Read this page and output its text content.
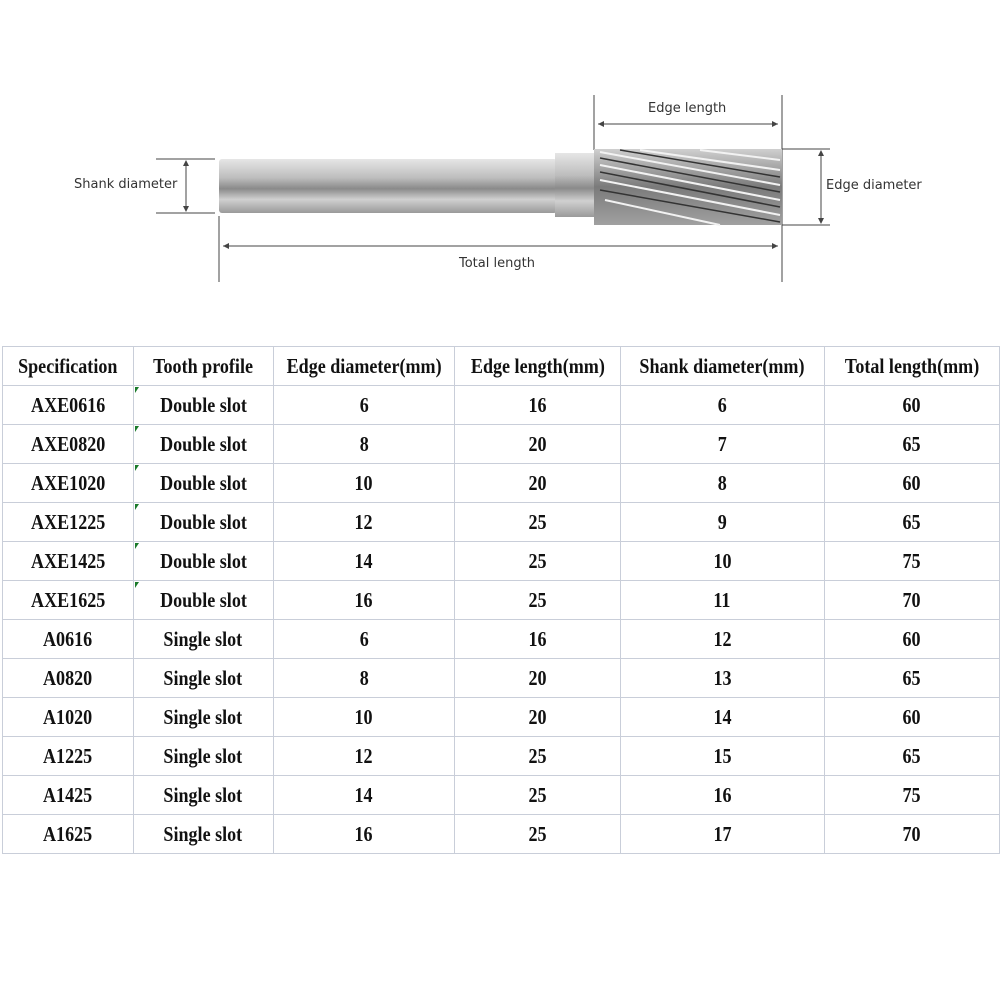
Edge length
Shank diameter	Edge diameter
Total length
Specification	Tooth profile	Edge diameter(mm)	Edge length(mm)	Shank diameter(mm)	Total length(mm)
AXE0616	Double slot	6	16	6	60
AXE0820	Double slot	8	20	7	65
AXE1020	Double slot	10	20	8	60
AXE1225	Double slot	12	25	9	65
AXE1425	Double slot	14	25	10	75
AXE1625	Double slot	16	25	11	70
A0616	Single slot	6	16	12	60
A0820	Single slot	8	20	13	65
A1020	Single slot	10	20	14	60
A1225	Single slot	12	25	15	65
A1425	Single slot	14	25	16	75
A1625	Single slot	16	25	17	70
